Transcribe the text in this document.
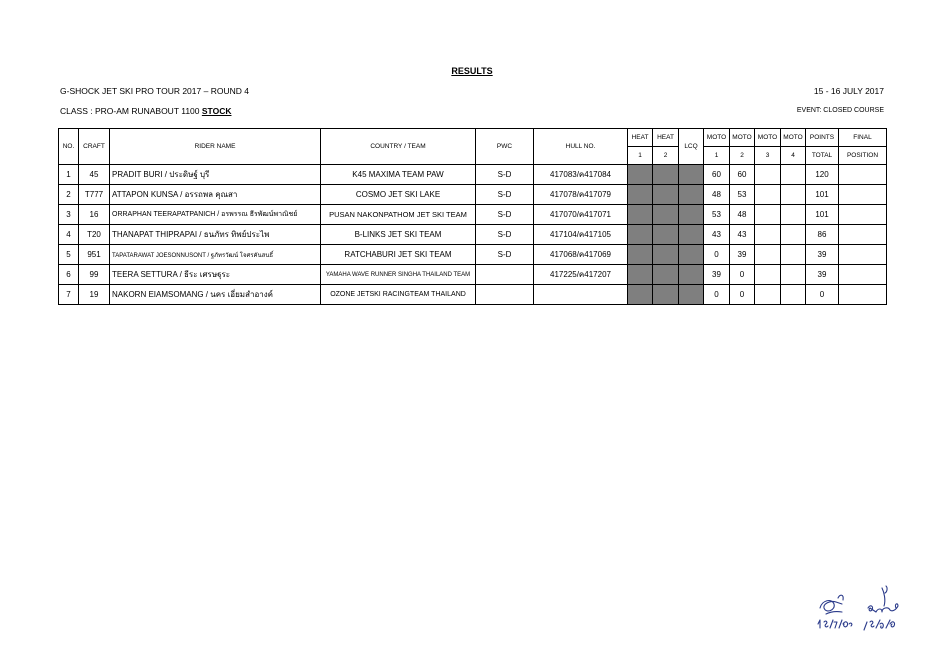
RESULTS
G-SHOCK JET SKI PRO TOUR 2017 – ROUND 4	15 - 16 JULY 2017
CLASS : PRO-AM RUNABOUT 1100 STOCK	EVENT: CLOSED COURSE
NO.	CRAFT	RIDER NAME	COUNTRY / TEAM	PWC	HULL NO.	HEAT	HEAT	LCQ	MOTO	MOTO	MOTO	MOTO	POINTS	FINAL
						1	2		1	2	3	4	TOTAL	POSITION
1	45	PRADIT BURI / ประดิษฐ์ บุรี	K45 MAXIMA TEAM PAW	S-D	417083/ค417084				60	60			120	
2	T777	ATTAPON KUNSA / อรรถพล คุณสา	COSMO JET SKI LAKE	S-D	417078/ค417079				48	53			101	
3	16	ORRAPHAN TEERAPATPANICH / อรพรรณ ธีรพัฒน์พาณิชย์	PUSAN NAKONPATHOM JET SKI TEAM	S-D	417070/ค417071				53	48			101	
4	T20	THANAPAT THIPRAPAI / ธนภัทร ทิพย์ประไพ	B-LINKS JET SKI TEAM	S-D	417104/ค417105				43	43			86	
5	951	TAPATARAWAT JOESONNUSONT / ฐภัทรวัฒน์ โจศรคันสนธิ์	RATCHABURI JET SKI TEAM	S-D	417068/ค417069				0	39			39	
6	99	TEERA SETTURA / ธีระ เศรษฐุระ	YAMAHA WAVE RUNNER SINGHA THAILAND TEAM		417225/ค417207				39	0			39	
7	19	NAKORN EIAMSOMANG / นคร เอี่ยมสำอางค์	OZONE JETSKI RACINGTEAM THAILAND						0	0			0	
